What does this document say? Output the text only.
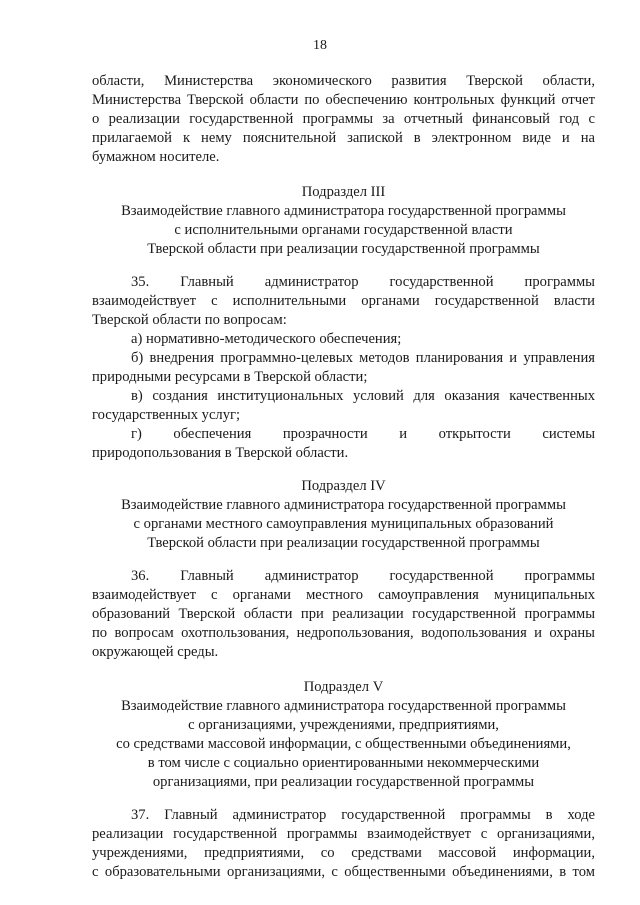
18
области, Министерства экономического развития Тверской области,
Министерства Тверской области по обеспечению контрольных функций отчет
о реализации государственной программы за отчетный финансовый год с
прилагаемой к нему пояснительной запиской в электронном виде и на
бумажном носителе.
Подраздел III
Взаимодействие главного администратора государственной программы
с исполнительными органами государственной власти
Тверской области при реализации государственной программы
35. Главный администратор государственной программы
взаимодействует с исполнительными органами государственной власти
Тверской области по вопросам:
а) нормативно-методического обеспечения;
б) внедрения программно-целевых методов планирования и управления
природными ресурсами в Тверской области;
в) создания институциональных условий для оказания качественных
государственных услуг;
г) обеспечения прозрачности и открытости системы
природопользования в Тверской области.
Подраздел IV
Взаимодействие главного администратора государственной программы
с органами местного самоуправления муниципальных образований
Тверской области при реализации государственной программы
36. Главный администратор государственной программы
взаимодействует с органами местного самоуправления муниципальных
образований Тверской области при реализации государственной программы
по вопросам охотпользования, недропользования, водопользования и охраны
окружающей среды.
Подраздел V
Взаимодействие главного администратора государственной программы
с организациями, учреждениями, предприятиями,
со средствами массовой информации, с общественными объединениями,
в том числе с социально ориентированными некоммерческими
организациями, при реализации государственной программы
37. Главный администратор государственной программы в ходе
реализации государственной программы взаимодействует с организациями,
учреждениями, предприятиями, со средствами массовой информации,
с образовательными организациями, с общественными объединениями, в том
